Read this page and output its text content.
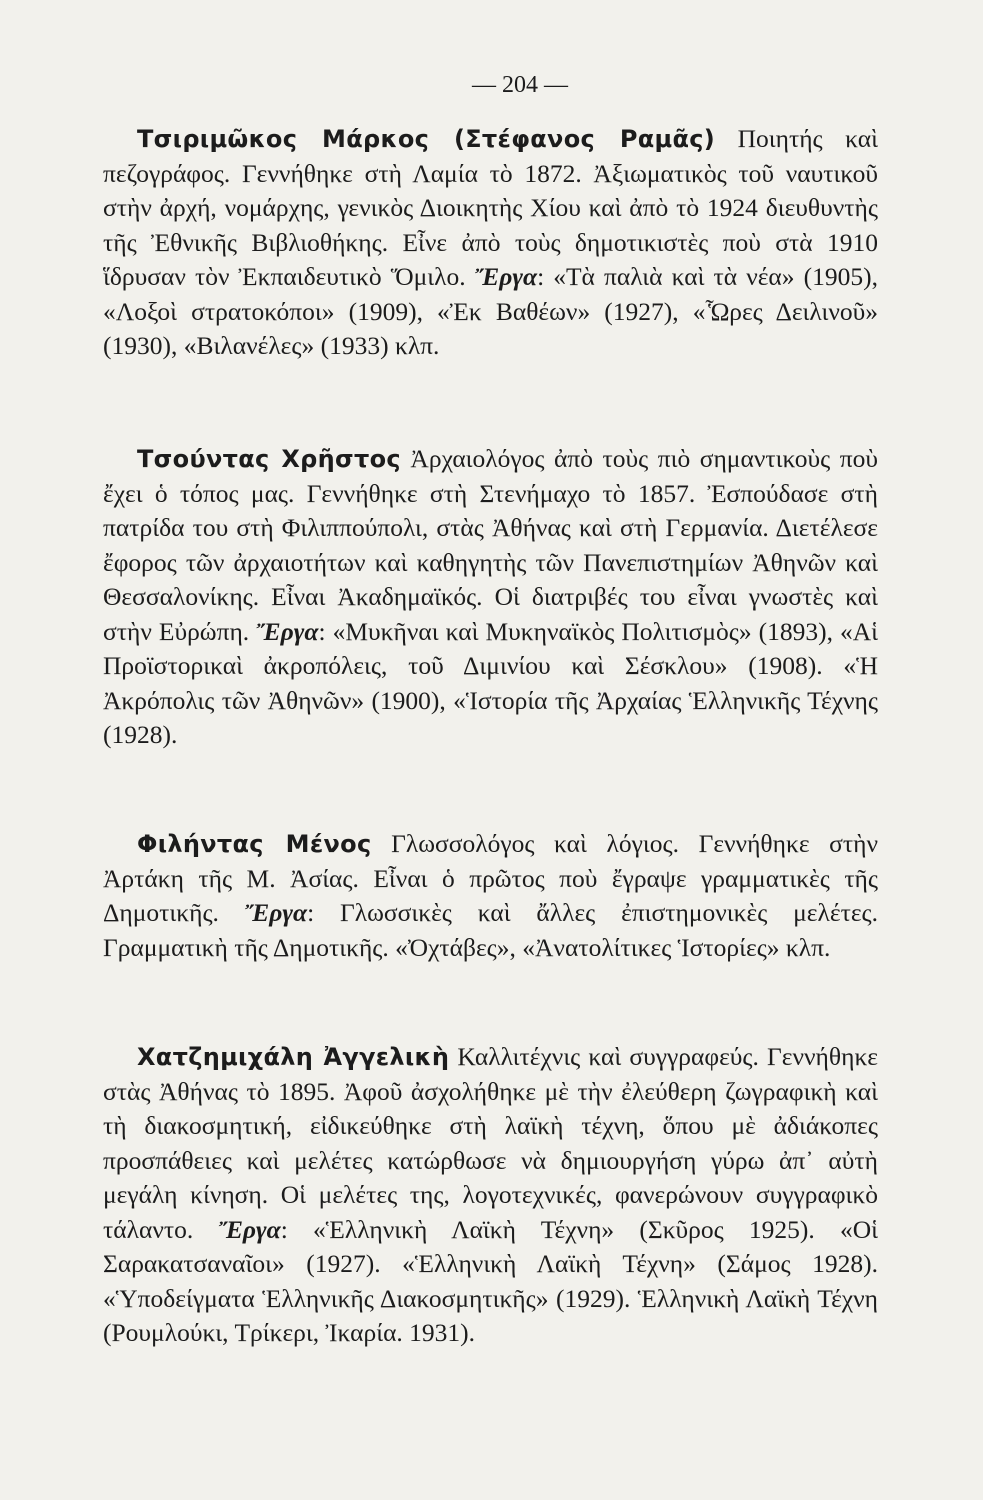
— 204 —

Τσιριμῶκος Μάρκος (Στέφανος Ραμᾶς) Ποιητής καὶ πεζογράφος. Γεννήθηκε στὴ Λαμία τὸ 1872. Ἀξιωματικὸς τοῦ ναυτικοῦ στὴν ἀρχή, νομάρχης, γενικὸς Διοικητὴς Χίου καὶ ἀπὸ τὸ 1924 διευθυντὴς τῆς Ἐθνικῆς Βιβλιοθήκης. Εἶνε ἀπὸ τοὺς δημοτικιστὲς ποὺ στὰ 1910 ἵδρυσαν τὸν Ἐκπαιδευτικὸ Ὅμιλο. Ἔργα: «Τὰ παλιὰ καὶ τὰ νέα» (1905), «Λοξοὶ στρατοκόποι» (1909), «Ἐκ Βαθέων» (1927), «Ὧρες Δειλινοῦ» (1930), «Βιλανέλες» (1933) κλπ.

Τσούντας Χρῆστος Ἀρχαιολόγος ἀπὸ τοὺς πιὸ σημαντικοὺς ποὺ ἔχει ὁ τόπος μας. Γεννήθηκε στὴ Στενήμαχο τὸ 1857. Ἐσπούδασε στὴ πατρίδα του στὴ Φιλιππούπολι, στὰς Ἀθήνας καὶ στὴ Γερμανία. Διετέλεσε ἔφορος τῶν ἀρχαιοτήτων καὶ καθηγητὴς τῶν Πανεπιστημίων Ἀθηνῶν καὶ Θεσσαλονίκης. Εἶναι Ἀκαδημαϊκός. Οἱ διατριβές του εἶναι γνωστὲς καὶ στὴν Εὐρώπη. Ἔργα: «Μυκῆναι καὶ Μυκηναϊκὸς Πολιτισμὸς» (1893), «Αἱ Προϊστορικαὶ ἀκροπόλεις, τοῦ Διμινίου καὶ Σέσκλου» (1908). «Ἡ Ἀκρόπολις τῶν Ἀθηνῶν» (1900), «Ἱστορία τῆς Ἀρχαίας Ἑλληνικῆς Τέχνης (1928).

Φιλήντας Μένος Γλωσσολόγος καὶ λόγιος. Γεννήθηκε στὴν Ἀρτάκη τῆς Μ. Ἀσίας. Εἶναι ὁ πρῶτος ποὺ ἔγραψε γραμματικὲς τῆς Δημοτικῆς. Ἔργα: Γλωσσικὲς καὶ ἄλλες ἐπιστημονικὲς μελέτες. Γραμματικὴ τῆς Δημοτικῆς. «Ὀχτάβες», «Ἀνατολίτικες Ἱστορίες» κλπ.

Χατζημιχάλη Ἀγγελικὴ Καλλιτέχνις καὶ συγγραφεύς. Γεννήθηκε στὰς Ἀθήνας τὸ 1895. Ἀφοῦ ἀσχολήθηκε μὲ τὴν ἐλεύθερη ζωγραφικὴ καὶ τὴ διακοσμητική, εἰδικεύθηκε στὴ λαϊκὴ τέχνη, ὅπου μὲ ἀδιάκοπες προσπάθειες καὶ μελέτες κατώρθωσε νὰ δημιουργήση γύρω ἀπ᾽ αὐτὴ μεγάλη κίνηση. Οἱ μελέτες της, λογοτεχνικές, φανερώνουν συγγραφικὸ τάλαντο. Ἔργα: «Ἑλληνικὴ Λαϊκὴ Τέχνη» (Σκῦρος 1925). «Οἱ Σαρακατσαναῖοι» (1927). «Ἑλληνικὴ Λαϊκὴ Τέχνη» (Σάμος 1928). «Ὑποδείγματα Ἑλληνικῆς Διακοσμητικῆς» (1929). Ἑλληνικὴ Λαϊκὴ Τέχνη (Ρουμλούκι, Τρίκερι, Ἰκαρία. 1931).
